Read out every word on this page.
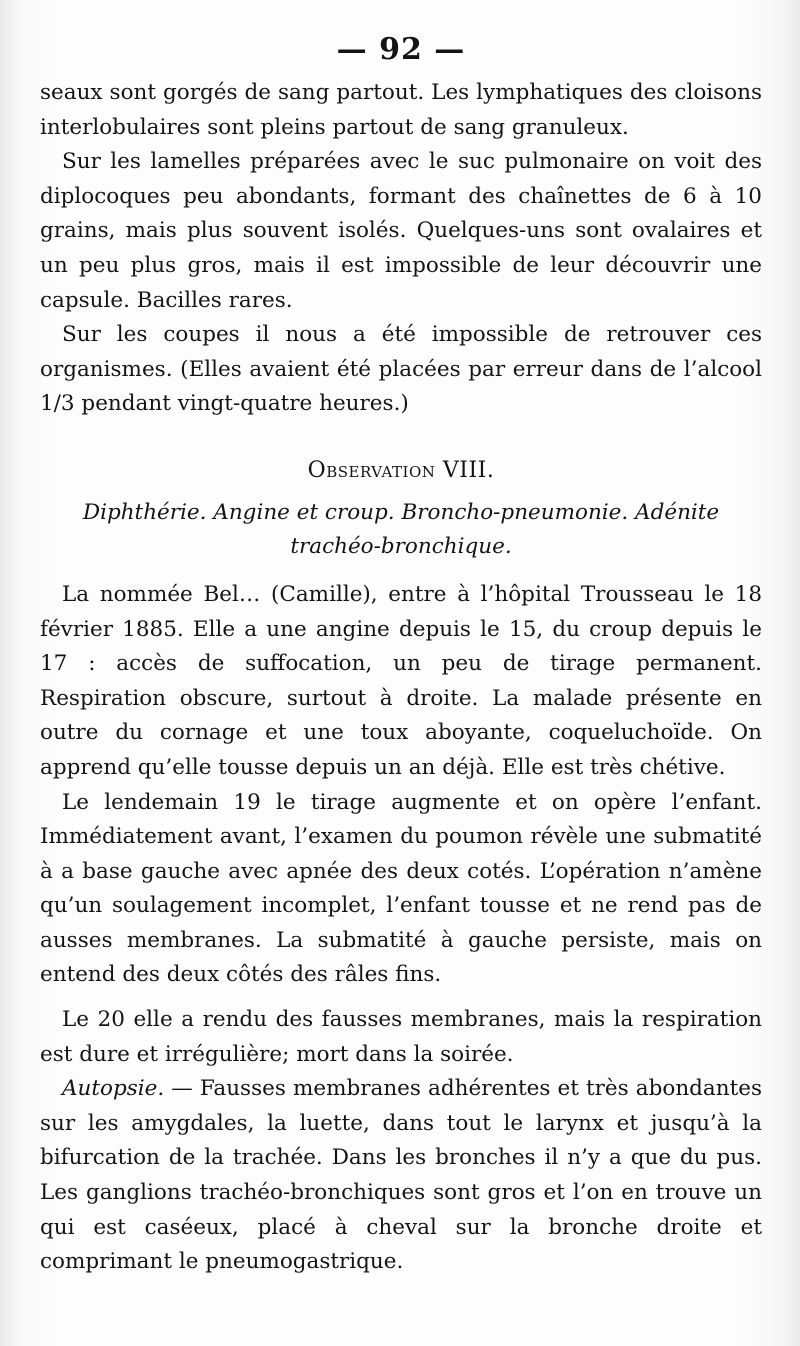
— 92 —

seaux sont gorgés de sang partout. Les lymphatiques des cloisons interlobulaires sont pleins partout de sang granuleux.

Sur les lamelles préparées avec le suc pulmonaire on voit des diplocoques peu abondants, formant des chaînettes de 6 à 10 grains, mais plus souvent isolés. Quelques-uns sont ovalaires et un peu plus gros, mais il est impossible de leur découvrir une capsule. Bacilles rares.

Sur les coupes il nous a été impossible de retrouver ces organismes. (Elles avaient été placées par erreur dans de l’alcool 1/3 pendant vingt-quatre heures.)

Observation VIII.
Diphthérie. Angine et croup. Broncho-pneumonie. Adénite
trachéo-bronchique.

La nommée Bel… (Camille), entre à l’hôpital Trousseau le 18 février 1885. Elle a une angine depuis le 15, du croup depuis le 17 : accès de suffocation, un peu de tirage permanent. Respiration obscure, surtout à droite. La malade présente en outre du cornage et une toux aboyante, coqueluchoïde. On apprend qu’elle tousse depuis un an déjà. Elle est très chétive.

Le lendemain 19 le tirage augmente et on opère l’enfant. Immédiatement avant, l’examen du poumon révèle une submatité à a base gauche avec apnée des deux cotés. L’opération n’amène qu’un soulagement incomplet, l’enfant tousse et ne rend pas de ausses membranes. La submatité à gauche persiste, mais on entend des deux côtés des râles fins.

Le 20 elle a rendu des fausses membranes, mais la respiration est dure et irrégulière; mort dans la soirée.

Autopsie. — Fausses membranes adhérentes et très abondantes sur les amygdales, la luette, dans tout le larynx et jusqu’à la bifurcation de la trachée. Dans les bronches il n’y a que du pus. Les ganglions trachéo-bronchiques sont gros et l’on en trouve un qui est caséeux, placé à cheval sur la bronche droite et comprimant le pneumogastrique.
